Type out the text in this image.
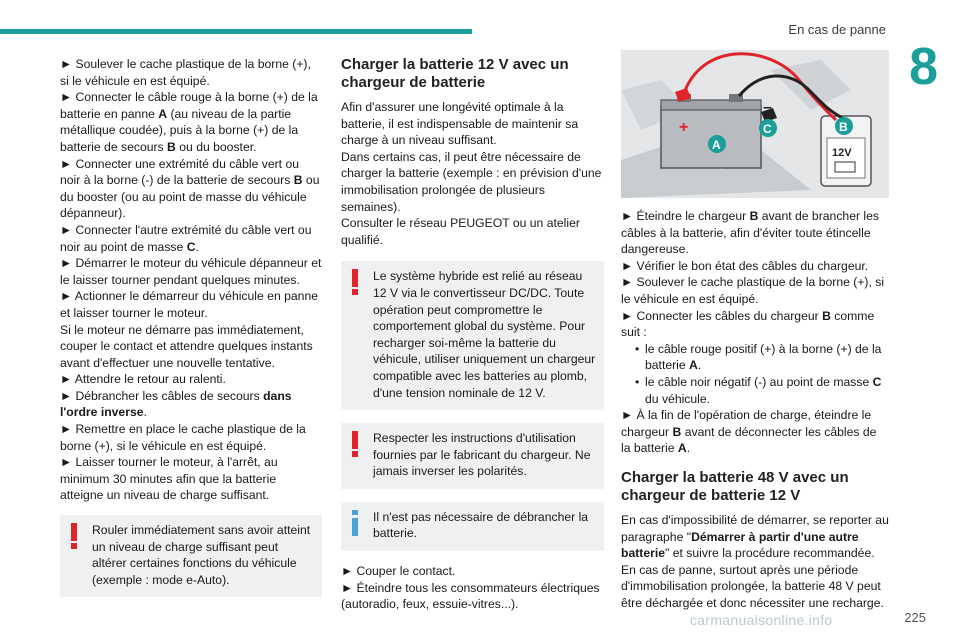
En cas de panne
8

► Soulever le cache plastique de la borne (+), si le véhicule en est équipé.

► Connecter le câble rouge à la borne (+) de la batterie en panne A (au niveau de la partie métallique coudée), puis à la borne (+) de la batterie de secours B ou du booster.

► Connecter une extrémité du câble vert ou noir à la borne (-) de la batterie de secours B ou du booster (ou au point de masse du véhicule dépanneur).

► Connecter l'autre extrémité du câble vert ou noir au point de masse C.

► Démarrer le moteur du véhicule dépanneur et le laisser tourner pendant quelques minutes.

► Actionner le démarreur du véhicule en panne et laisser tourner le moteur.

Si le moteur ne démarre pas immédiatement, couper le contact et attendre quelques instants avant d'effectuer une nouvelle tentative.

► Attendre le retour au ralenti.

► Débrancher les câbles de secours dans l'ordre inverse.

► Remettre en place le cache plastique de la borne (+), si le véhicule en est équipé.

► Laisser tourner le moteur, à l'arrêt, au minimum 30 minutes afin que la batterie atteigne un niveau de charge suffisant.

Rouler immédiatement sans avoir atteint un niveau de charge suffisant peut altérer certaines fonctions du véhicule (exemple : mode e-Auto).

Charger la batterie 12 V avec un chargeur de batterie

Afin d'assurer une longévité optimale à la batterie, il est indispensable de maintenir sa charge à un niveau suffisant.

Dans certains cas, il peut être nécessaire de charger la batterie (exemple : en prévision d'une immobilisation prolongée de plusieurs semaines).

Consulter le réseau PEUGEOT ou un atelier qualifié.

Le système hybride est relié au réseau 12 V via le convertisseur DC/DC. Toute opération peut compromettre le comportement global du système. Pour recharger soi-même la batterie du véhicule, utiliser uniquement un chargeur compatible avec les batteries au plomb, d'une tension nominale de 12 V.

Respecter les instructions d'utilisation fournies par le fabricant du chargeur. Ne jamais inverser les polarités.

Il n'est pas nécessaire de débrancher la batterie.

► Couper le contact.

► Éteindre tous les consommateurs électriques (autoradio, feux, essuie-vitres...).

+
–
A
C	B
12V

► Éteindre le chargeur B avant de brancher les câbles à la batterie, afin d'éviter toute étincelle dangereuse.

► Vérifier le bon état des câbles du chargeur.

► Soulever le cache plastique de la borne (+), si le véhicule en est équipé.

► Connecter les câbles du chargeur B comme suit :

• le câble rouge positif (+) à la borne (+) de la batterie A.

• le câble noir négatif (-) au point de masse C du véhicule.

► À la fin de l'opération de charge, éteindre le chargeur B avant de déconnecter les câbles de la batterie A.

Charger la batterie 48 V avec un chargeur de batterie 12 V

En cas d'impossibilité de démarrer, se reporter au paragraphe "Démarrer à partir d'une autre batterie" et suivre la procédure recommandée.

En cas de panne, surtout après une période d'immobilisation prolongée, la batterie 48 V peut être déchargée et donc nécessiter une recharge.

225
carmanualsonline.info
